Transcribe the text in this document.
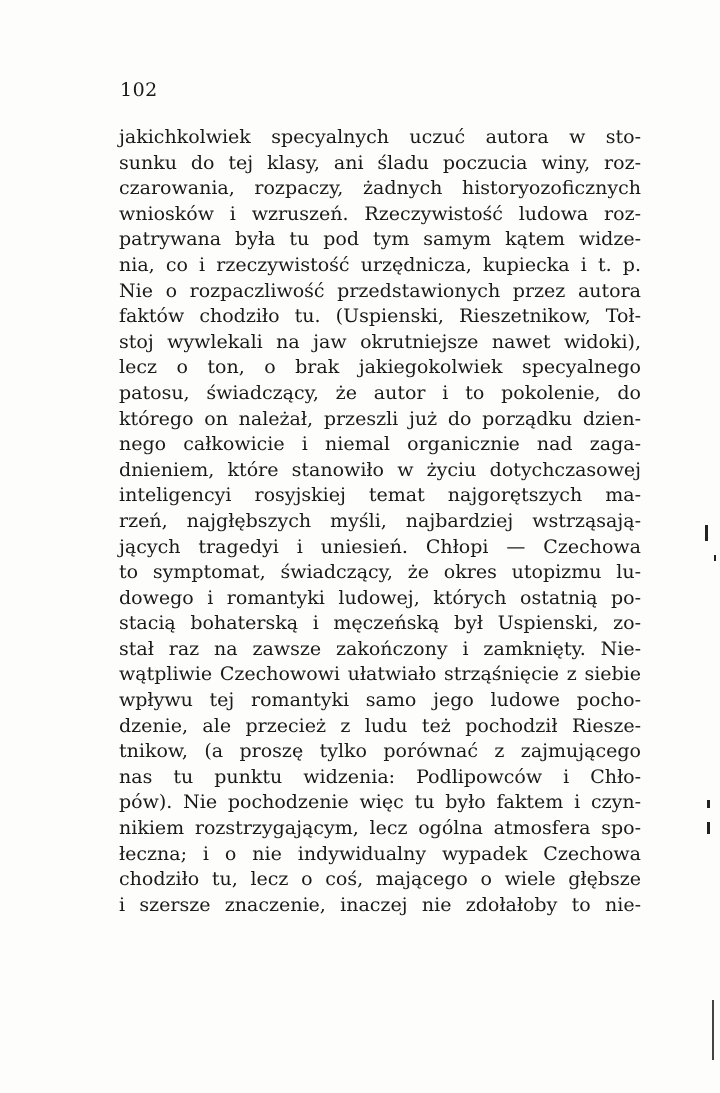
102
jakichkolwiek specyalnych uczuć autora w sto-
sunku do tej klasy, ani śladu poczucia winy, roz-
czarowania, rozpaczy, żadnych historyozoficznych
wniosków i wzruszeń. Rzeczywistość ludowa roz-
patrywana była tu pod tym samym kątem widze-
nia, co i rzeczywistość urzędnicza, kupiecka i t. p.
Nie o rozpaczliwość przedstawionych przez autora
faktów chodziło tu. (Uspienski, Rieszetnikow, Toł-
stoj wywlekali na jaw okrutniejsze nawet widoki),
lecz o ton, o brak jakiegokolwiek specyalnego
patosu, świadczący, że autor i to pokolenie, do
którego on należał, przeszli już do porządku dzien-
nego całkowicie i niemal organicznie nad zaga-
dnieniem, które stanowiło w życiu dotychczasowej
inteligencyi rosyjskiej temat najgorętszych ma-
rzeń, najgłębszych myśli, najbardziej wstrząsają-
jących tragedyi i uniesień. Chłopi — Czechowa
to symptomat, świadczący, że okres utopizmu lu-
dowego i romantyki ludowej, których ostatnią po-
stacią bohaterską i męczeńską był Uspienski, zo-
stał raz na zawsze zakończony i zamknięty. Nie-
wątpliwie Czechowowi ułatwiało strząśnięcie z siebie
wpływu tej romantyki samo jego ludowe pocho-
dzenie, ale przecież z ludu też pochodził Riesze-
tnikow, (a proszę tylko porównać z zajmującego
nas tu punktu widzenia: Podlipowców i Chło-
pów). Nie pochodzenie więc tu było faktem i czyn-
nikiem rozstrzygającym, lecz ogólna atmosfera spo-
łeczna; i o nie indywidualny wypadek Czechowa
chodziło tu, lecz o coś, mającego o wiele głębsze
i szersze znaczenie, inaczej nie zdołałoby to nie-
